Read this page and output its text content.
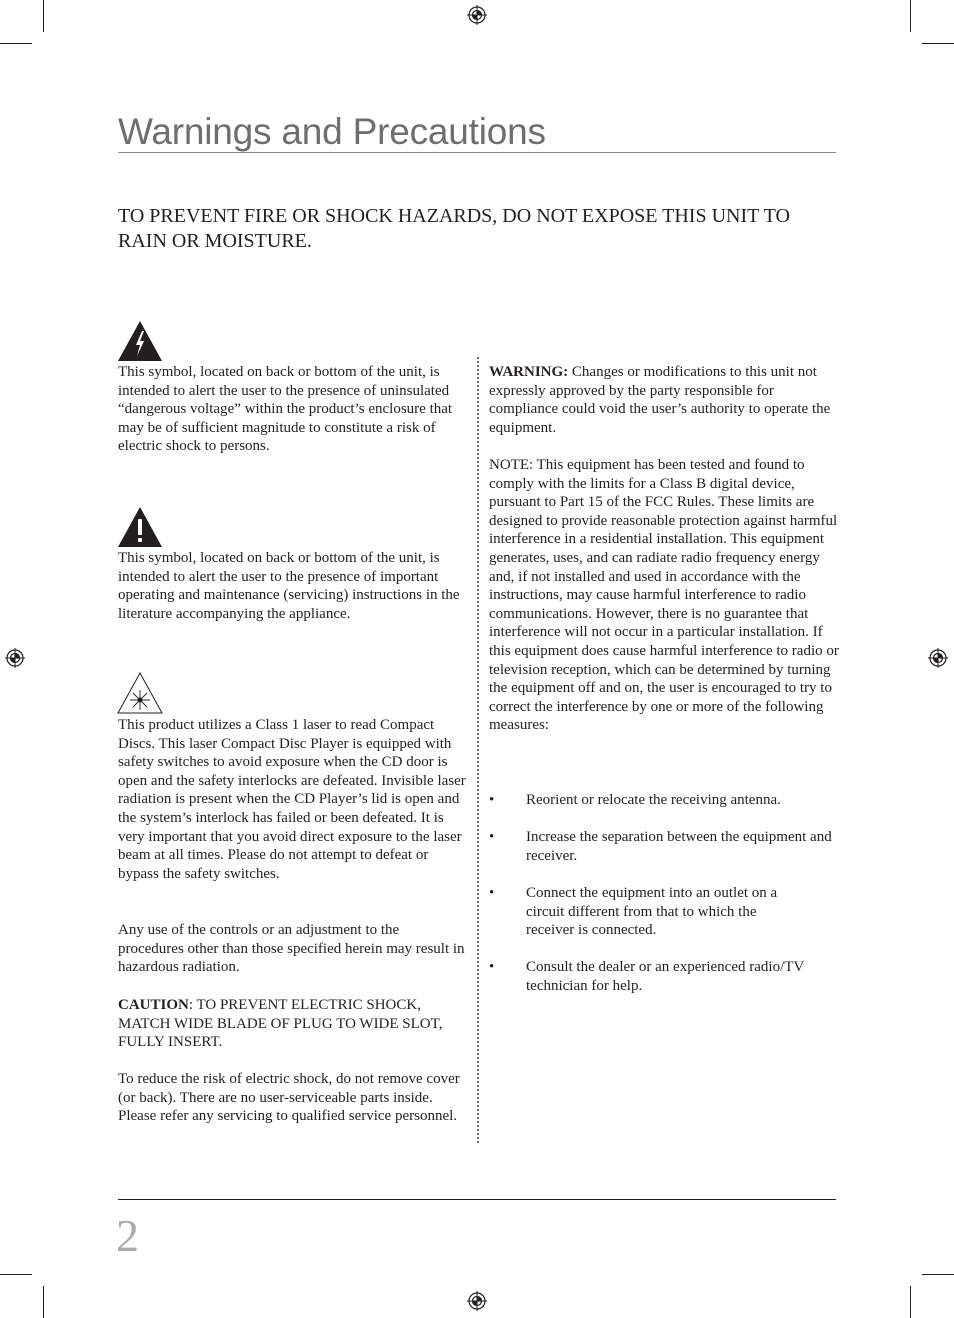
Warnings and Precautions
TO PREVENT FIRE OR SHOCK HAZARDS, DO NOT EXPOSE THIS UNIT TO RAIN OR MOISTURE.
This symbol, located on back or bottom of the unit, is intended to alert the user to the presence of uninsulated “dangerous voltage” within the product’s enclosure that may be of sufficient magnitude to constitute a risk of electric shock to persons.
This symbol, located on back or bottom of the unit, is intended to alert the user to the presence of important operating and maintenance (servicing) instructions in the literature accompanying the appliance.
This product utilizes a Class 1 laser to read Compact Discs. This laser Compact Disc Player is equipped with safety switches to avoid exposure when the CD door is open and the safety interlocks are defeated. Invisible laser radiation is present when the CD Player’s lid is open and the system’s interlock has failed or been defeated. It is very important that you avoid direct exposure to the laser beam at all times. Please do not attempt to defeat or bypass the safety switches.
Any use of the controls or an adjustment to the procedures other than those specified herein may result in hazardous radiation.
CAUTION: TO PREVENT ELECTRIC SHOCK, MATCH WIDE BLADE OF PLUG TO WIDE SLOT, FULLY INSERT.
To reduce the risk of electric shock, do not remove cover (or back). There are no user-serviceable parts inside. Please refer any servicing to qualified service personnel.
WARNING: Changes or modifications to this unit not expressly approved by the party responsible for compliance could void the user’s authority to operate the equipment.
NOTE: This equipment has been tested and found to comply with the limits for a Class B digital device, pursuant to Part 15 of the FCC Rules. These limits are designed to provide reasonable protection against harmful interference in a residential installation. This equipment generates, uses, and can radiate radio frequency energy and, if not installed and used in accordance with the instructions, may cause harmful interference to radio communications. However, there is no guarantee that interference will not occur in a particular installation. If this equipment does cause harmful interference to radio or television reception, which can be determined by turning the equipment off and on, the user is encouraged to try to correct the interference by one or more of the following measures:
• Reorient or relocate the receiving antenna.
• Increase the separation between the equipment and receiver.
• Connect the equipment into an outlet on a circuit different from that to which the receiver is connected.
• Consult the dealer or an experienced radio/TV technician for help.
2
